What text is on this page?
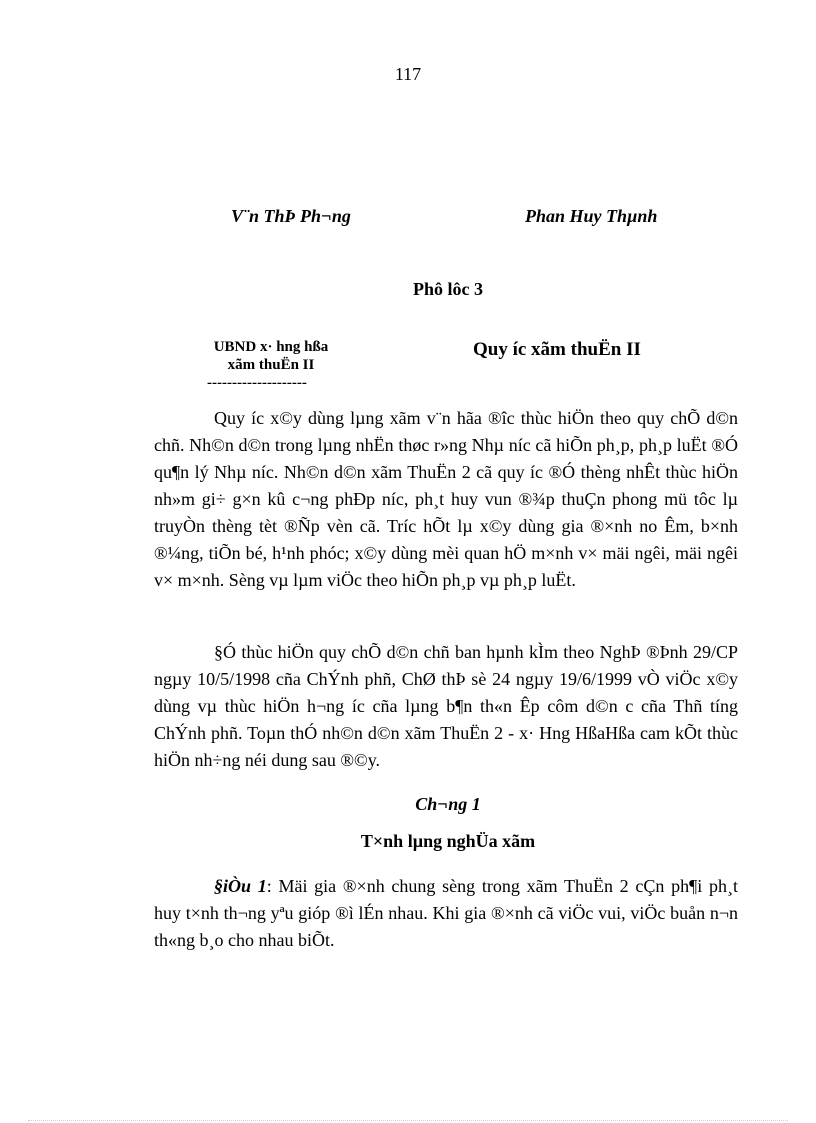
117
V¨n ThÞ Ph¬ng	Phan Huy Thµnh
Phô lôc 3
UBND x· hng hßa
xãm thuËn II
--------------------
Quy íc xãm thuËn II
Quy íc x©y dùng lµng xãm v¨n hãa ®îc thùc hiÖn theo quy chÕ d©n chñ. Nh©n d©n trong lµng nhËn thøc r»ng Nhµ níc cã hiÕn ph¸p, ph¸p luËt ®Ó qu¶n lý Nhµ níc. Nh©n d©n xãm ThuËn 2 cã quy íc ®Ó thèng nhÊt thùc hiÖn nh»m gi÷ g×n kû c¬ng phÐp níc, ph¸t huy vun ®¾p thuÇn phong mü tôc lµ truyÒn thèng tèt ®Ñp vèn cã. Tríc hÕt lµ x©y dùng gia ®×nh no Êm, b×nh ®¼ng, tiÕn bé, h¹nh phóc; x©y dùng mèi quan hÖ m×nh v× mäi ngêi, mäi ngêi v× m×nh. Sèng vµ lµm viÖc theo hiÕn ph¸p vµ ph¸p luËt.
§Ó thùc hiÖn quy chÕ d©n chñ ban hµnh kÌm theo NghÞ ®Þnh 29/CP ngµy 10/5/1998 cña ChÝnh phñ, ChØ thÞ sè 24 ngµy 19/6/1999 vÒ viÖc x©y dùng vµ thùc hiÖn h¬ng íc cña lµng b¶n th«n Êp côm d©n c cña Thñ tíng ChÝnh phñ. Toµn thÓ nh©n d©n xãm ThuËn 2 - x· Hng HßaHßa cam kÕt thùc hiÖn nh÷ng néi dung sau ®©y.
Ch¬ng 1
T×nh lµng nghÜa xãm
§iÒu 1: Mäi gia ®×nh chung sèng trong xãm ThuËn 2 cÇn ph¶i ph¸t huy t×nh th¬ng yªu gióp ®ì lÉn nhau. Khi gia ®×nh cã viÖc vui, viÖc buån n¬n th«ng b¸o cho nhau biÕt.
